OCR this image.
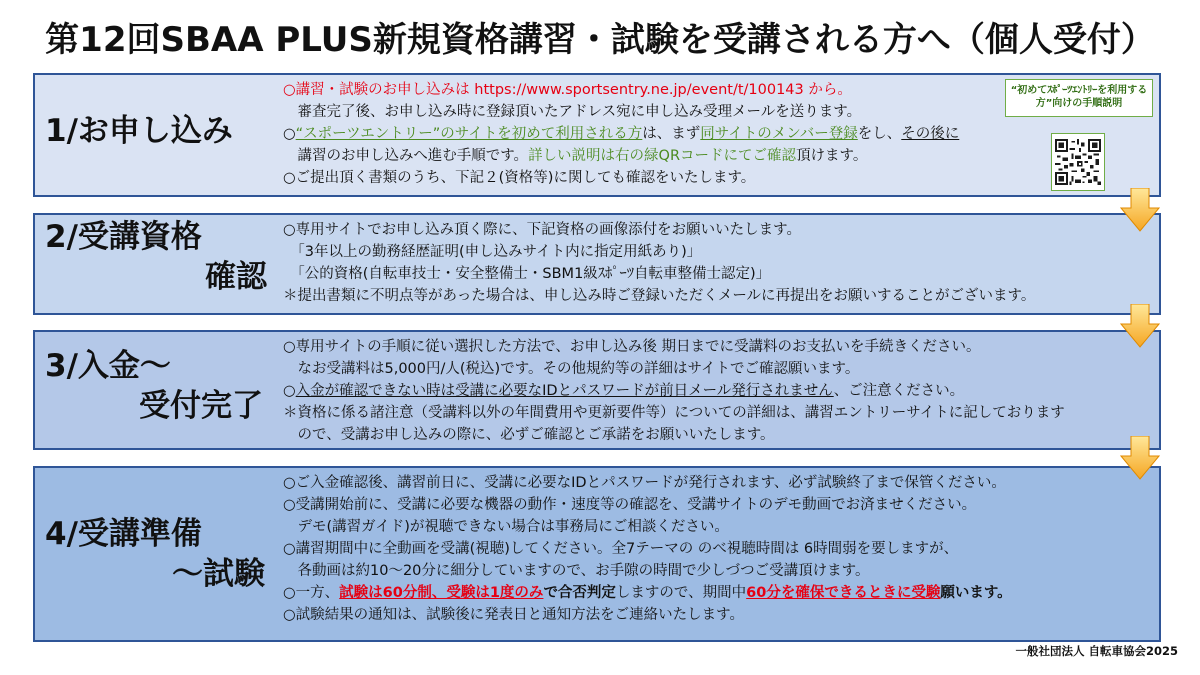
第12回SBAA PLUS新規資格講習・試験を受講される方へ（個人受付）
1/お申し込み
○講習・試験のお申し込みは https://www.sportsentry.ne.jp/event/t/100143 から。
　審査完了後、お申し込み時に登録頂いたアドレス宛に申し込み受理メールを送ります。
○“スポーツエントリー”のサイトを初めて利用される方は、まず同サイトのメンバー登録をし、その後に
　講習のお申し込みへ進む手順です。詳しい説明は右の緑QRコードにてご確認頂けます。
○ご提出頂く書類のうち、下記２(資格等)に関しても確認をいたします。
“初めてｽﾎﾟｰﾂｴﾝﾄﾘｰを利用する方”向けの手順説明
2/受講資格
確認
○専用サイトでお申し込み頂く際に、下記資格の画像添付をお願いいたします。
　「3年以上の勤務経歴証明(申し込みサイト内に指定用紙あり)」
　「公的資格(自転車技士・安全整備士・SBM1級ｽﾎﾟｰﾂ自転車整備士認定)」
＊提出書類に不明点等があった場合は、申し込み時ご登録いただくメールに再提出をお願いすることがございます。
3/入金～
受付完了
○専用サイトの手順に従い選択した方法で、お申し込み後 期日までに受講料のお支払いを手続きください。
　なお受講料は5,000円/人(税込)です。その他規約等の詳細はサイトでご確認願います。
○入金が確認できない時は受講に必要なIDとパスワードが前日メール発行されません、ご注意ください。
＊資格に係る諸注意（受講料以外の年間費用や更新要件等）についての詳細は、講習エントリーサイトに記しております
　ので、受講お申し込みの際に、必ずご確認とご承諾をお願いいたします。
4/受講準備
～試験
○ご入金確認後、講習前日に、受講に必要なIDとパスワードが発行されます、必ず試験終了まで保管ください。
○受講開始前に、受講に必要な機器の動作・速度等の確認を、受講サイトのデモ動画でお済ませください。
　デモ(講習ガイド)が視聴できない場合は事務局にご相談ください。
○講習期間中に全動画を受講(視聴)してください。全7テーマの のべ視聴時間は 6時間弱を要しますが、
　各動画は約10～20分に細分していますので、お手隙の時間で少しづつご受講頂けます。
○一方、試験は60分制、受験は1度のみで合否判定しますので、期間中60分を確保できるときに受験願います。
○試験結果の通知は、試験後に発表日と通知方法をご連絡いたします。
一般社団法人 自転車協会2025
